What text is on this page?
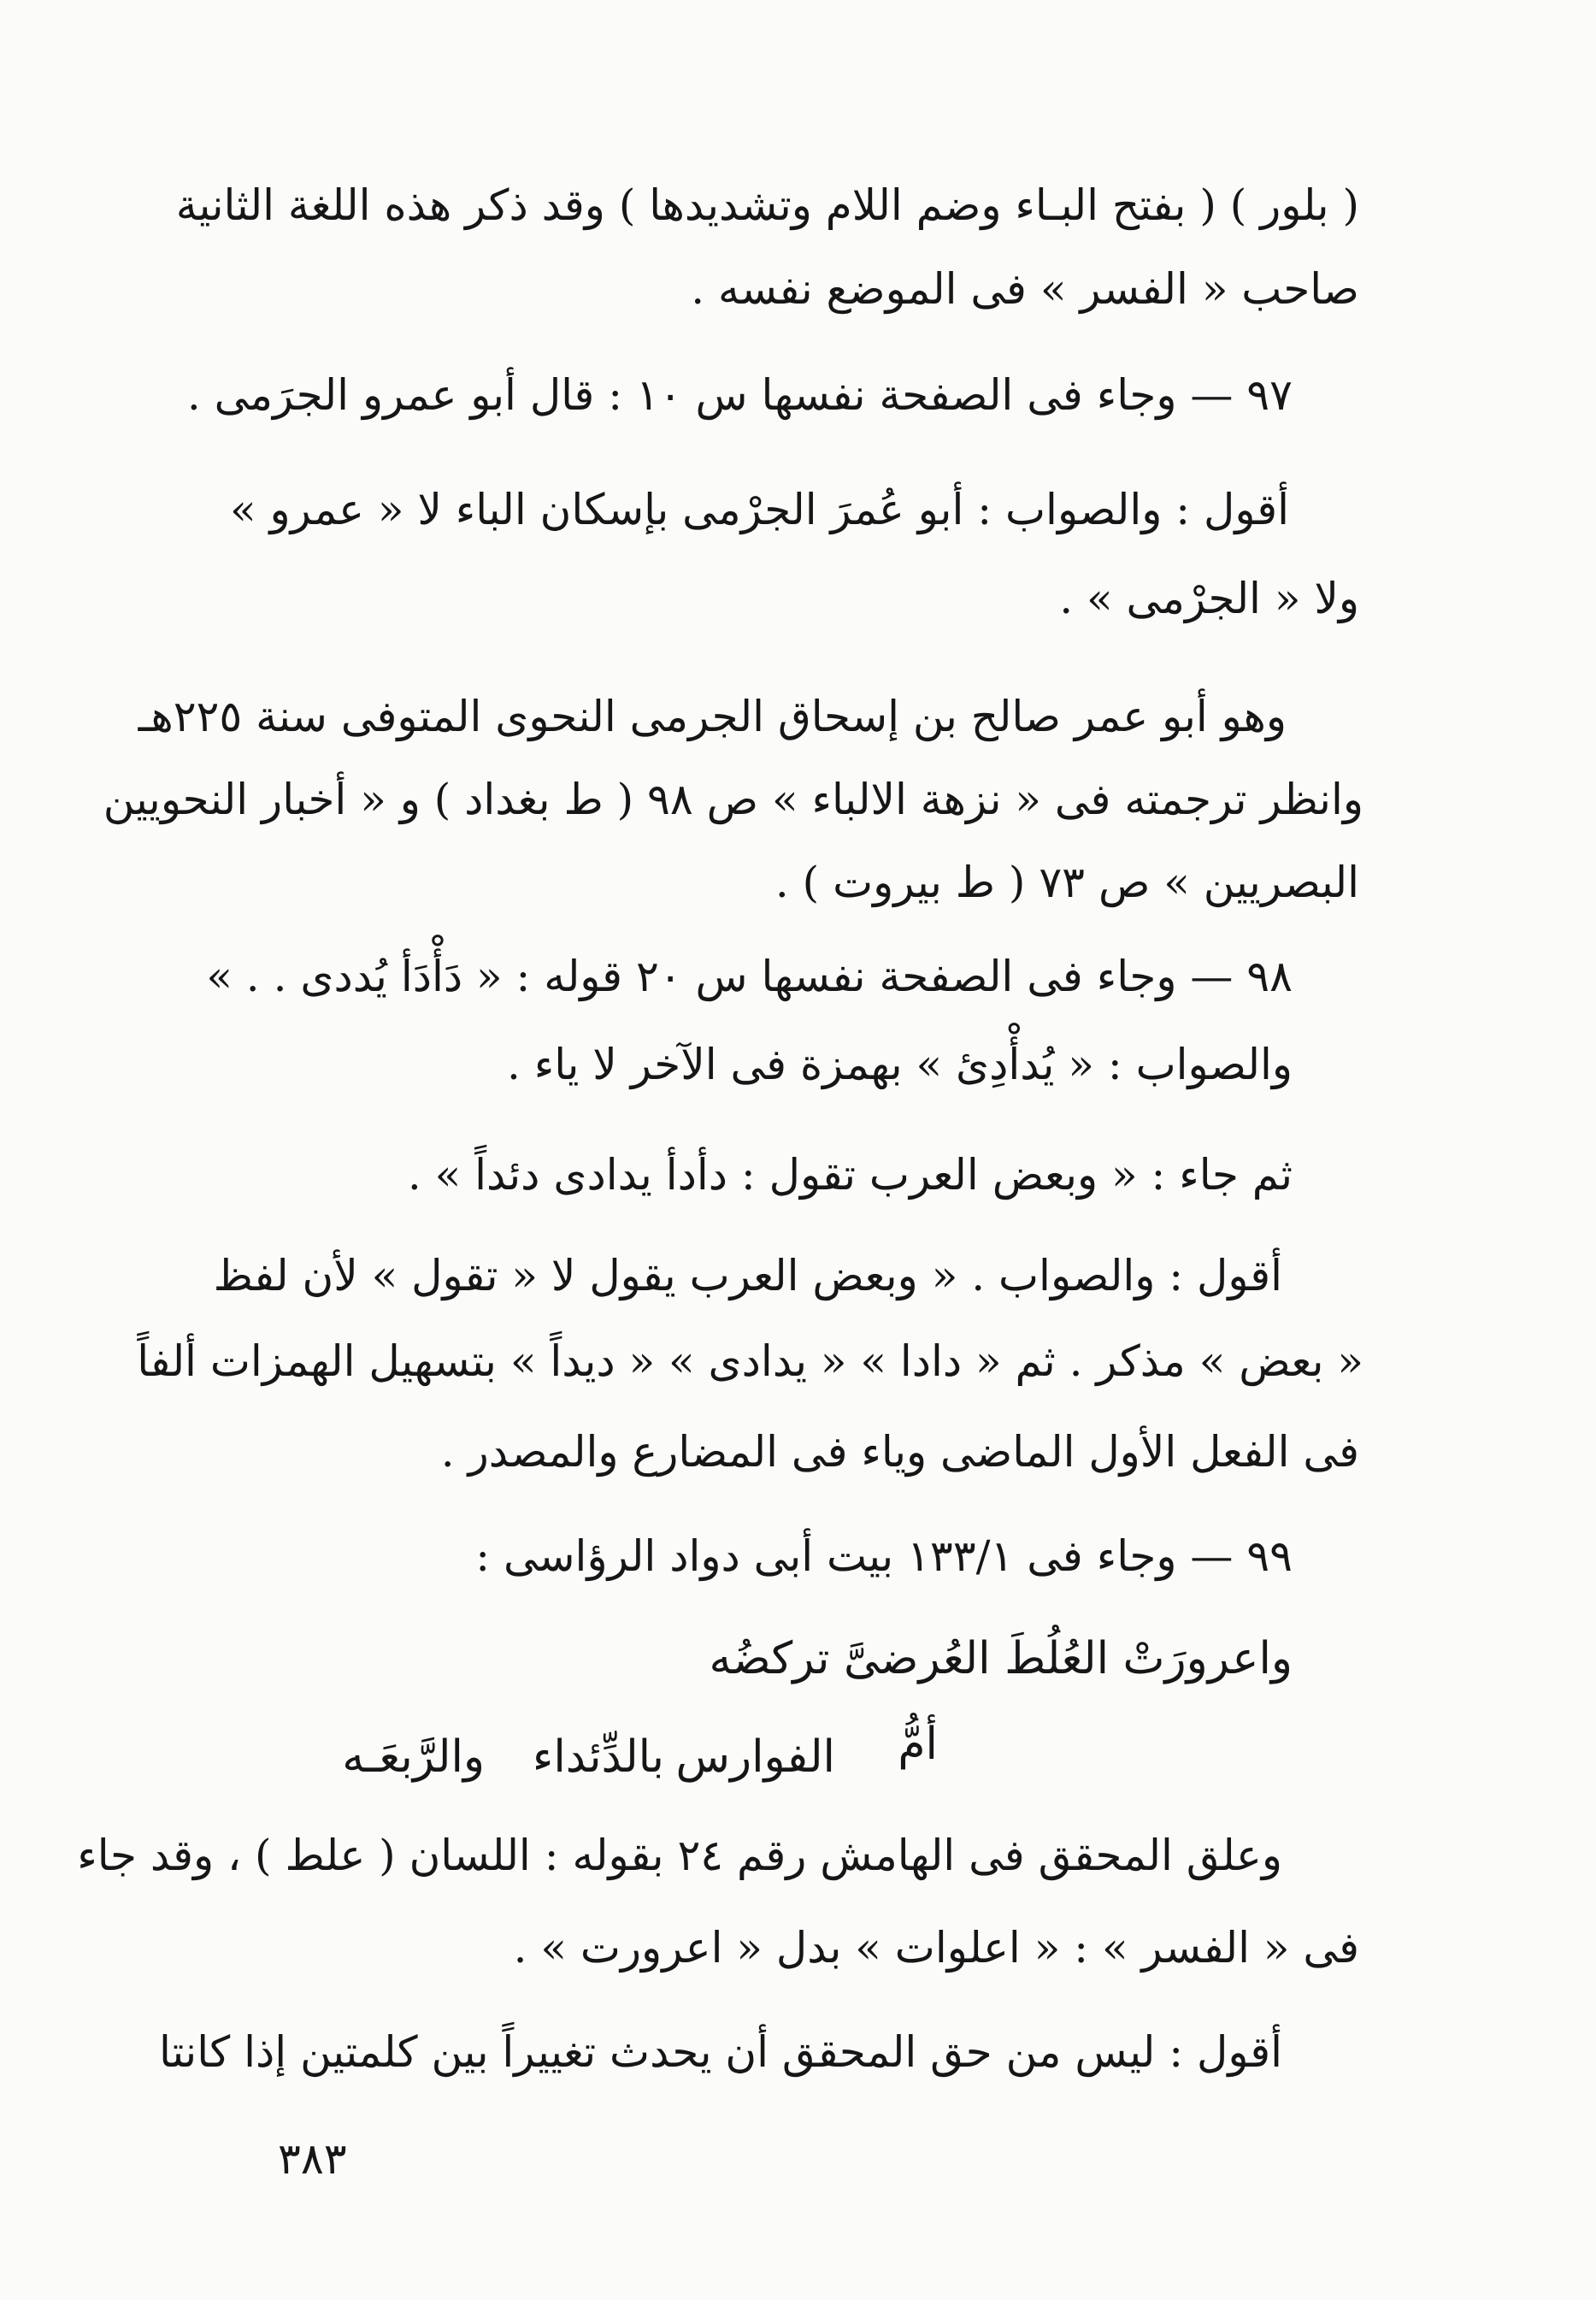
( بلور ) ( بفتح البـاء وضم اللام وتشديدها ) وقد ذكر هذه اللغة الثانية
صاحب « الفسر » فى الموضع نفسه .
٩٧ — وجاء فى الصفحة نفسها س ١٠ : قال أبو عمرو الجرَمى .
أقول : والصواب : أبو عُمرَ الجرْمى بإسكان الباء لا « عمرو »
ولا « الجرْمى » .
وهو أبو عمر صالح بن إسحاق الجرمى النحوى المتوفى سنة ٢٢٥هـ
وانظر ترجمته فى « نزهة الالباء » ص ٩٨ ( ط بغداد ) و « أخبار النحويين
البصريين » ص ٧٣ ( ط بيروت ) .
٩٨ — وجاء فى الصفحة نفسها س ٢٠ قوله : « دَأْدَأ يُددى . . »
والصواب : « يُدأْدِئ » بهمزة فى الآخر لا ياء .
ثم جاء : « وبعض العرب تقول : دأدأ يدادى دئداً » .
أقول : والصواب . « وبعض العرب يقول لا « تقول » لأن لفظ
« بعض » مذكر . ثم « دادا » « يدادى » « ديداً » بتسهيل الهمزات ألفاً
فى الفعل الأول الماضى وياء فى المضارع والمصدر .
٩٩ — وجاء فى ١٣٣/١ بيت أبى دواد الرؤاسى :
واعرورَتْ العُلُطَ العُرضىَّ تركضُه
أمُّ
الفوارس
بالدِّئداء
والرَّبعَـه
وعلق المحقق فى الهامش رقم ٢٤ بقوله : اللسان ( علط ) ، وقد جاء
فى « الفسر » : « اعلوات » بدل « اعرورت » .
أقول : ليس من حق المحقق أن يحدث تغييراً بين كلمتين إذا كانتا
٣٨٣
